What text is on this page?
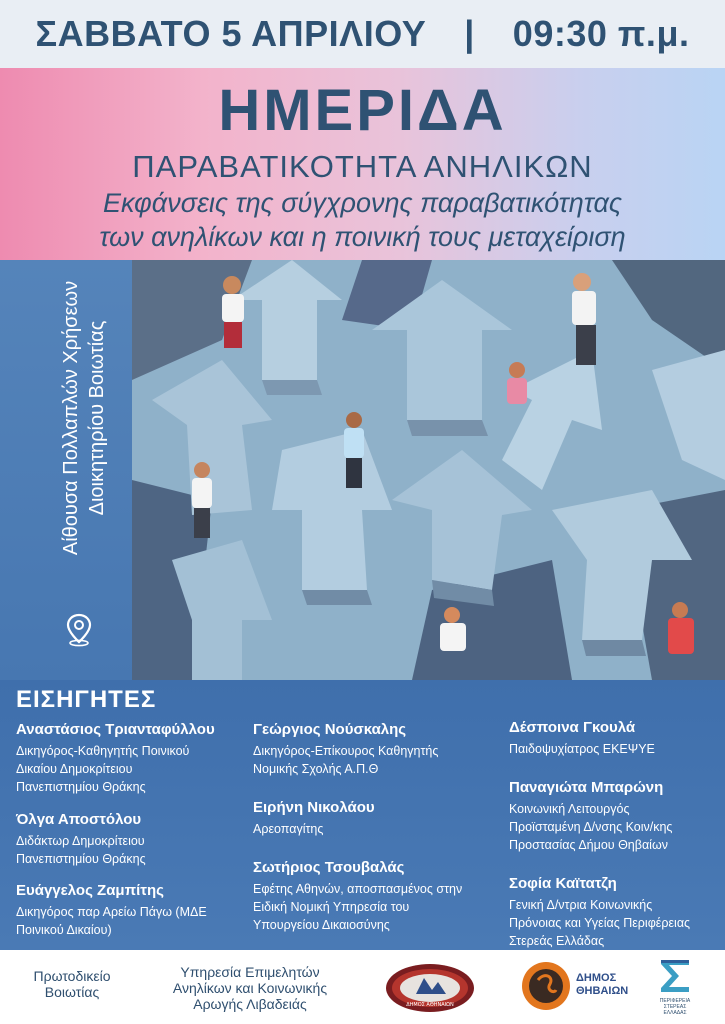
ΣΑΒΒΑΤΟ 5 ΑΠΡΙΛΙΟΥ | 09:30 π.μ.
ΗΜΕΡΙΔΑ
ΠΑΡΑΒΑΤΙΚΟΤΗΤΑ ΑΝΗΛΙΚΩΝ
Εκφάνσεις της σύγχρονης παραβατικότητας
των ανηλίκων και η ποινική τους μεταχείριση
Αίθουσα Πολλαπλών Χρήσεων Διοικητηρίου Βοιωτίας
ΕΙΣΗΓΗΤΕΣ
Αναστάσιος Τριανταφύλλου
Δικηγόρος-Καθηγητής Ποινικού
Δικαίου Δημοκρίτειου
Πανεπιστημίου Θράκης
Όλγα Αποστόλου
Διδάκτωρ Δημοκρίτειου
Πανεπιστημίου Θράκης
Ευάγγελος Ζαμπίτης
Δικηγόρος παρ Αρείω Πάγω (ΜΔΕ
Ποινικού Δικαίου)
Γεώργιος Νούσκαλης
Δικηγόρος-Επίκουρος Καθηγητής
Νομικής Σχολής Α.Π.Θ
Ειρήνη Νικολάου
Αρεοπαγίτης
Σωτήριος Τσουβαλάς
Εφέτης Αθηνών, αποσπασμένος στην
Ειδική Νομική Υπηρεσία του
Υπουργείου Δικαιοσύνης
Δέσποινα Γκουλά
Παιδοψυχίατρος ΕΚΕΨΥΕ
Παναγιώτα Μπαρώνη
Κοινωνική Λειτουργός
Προϊσταμένη Δ/νσης Κοιν/κης
Προστασίας Δήμου Θηβαίων
Σοφία Καϊτατζη
Γενική Δ/ντρια Κοινωνικής
Πρόνοιας και Υγείας Περιφέρειας
Στερεάς Ελλάδας
Πρωτοδικείο
Βοιωτίας
Υπηρεσία Επιμελητών
Ανηλίκων και Κοινωνικής
Αρωγής Λιβαδειάς	ΔΗΜΟΣ ΑΘΗΝΑΙΩΝ
ΔΗΜΟΣ
ΘΗΒΑΙΩΝ
ΠΕΡΙΦΕΡΕΙΑ
ΣΤΕΡΕΑΣ
ΕΛΛΑΔΑΣ
